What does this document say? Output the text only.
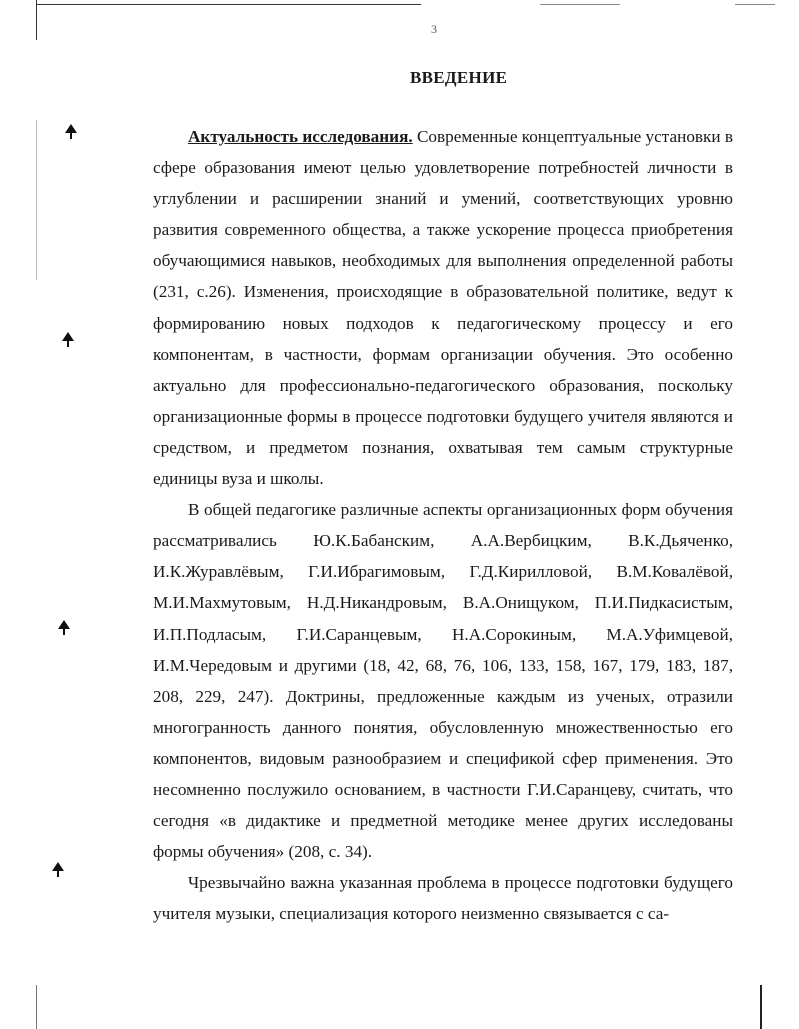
3
ВВЕДЕНИЕ

Актуальность исследования. Современные концептуальные установки в сфере образования имеют целью удовлетворение потребностей личности в углублении и расширении знаний и умений, соответствующих уровню развития современного общества, а также ускорение процесса приобретения обучающимися навыков, необходимых для выполнения определенной работы (231, с.26). Изменения, происходящие в образовательной политике, ведут к формированию новых подходов к педагогическому процессу и его компонентам, в частности, формам организации обучения. Это особенно актуально для профессионально-педагогического образования, поскольку организационные формы в процессе подготовки будущего учителя являются и средством, и предметом познания, охватывая тем самым структурные единицы вуза и школы.

В общей педагогике различные аспекты организационных форм обучения рассматривались Ю.К.Бабанским, А.А.Вербицким, В.К.Дьяченко, И.К.Журавлёвым, Г.И.Ибрагимовым, Г.Д.Кирилловой, В.М.Ковалёвой, М.И.Махмутовым, Н.Д.Никандровым, В.А.Онищуком, П.И.Пидкасистым, И.П.Подласым, Г.И.Саранцевым, Н.А.Сорокиным, М.А.Уфимцевой, И.М.Чередовым и другими (18, 42, 68, 76, 106, 133, 158, 167, 179, 183, 187, 208, 229, 247). Доктрины, предложенные каждым из ученых, отразили многогранность данного понятия, обусловленную множественностью его компонентов, видовым разнообразием и спецификой сфер применения. Это несомненно послужило основанием, в частности Г.И.Саранцеву, считать, что сегодня «в дидактике и предметной методике менее других исследованы формы обучения» (208, с. 34).

Чрезвычайно важна указанная проблема в процессе подготовки будущего учителя музыки, специализация которого неизменно связывается с са-
